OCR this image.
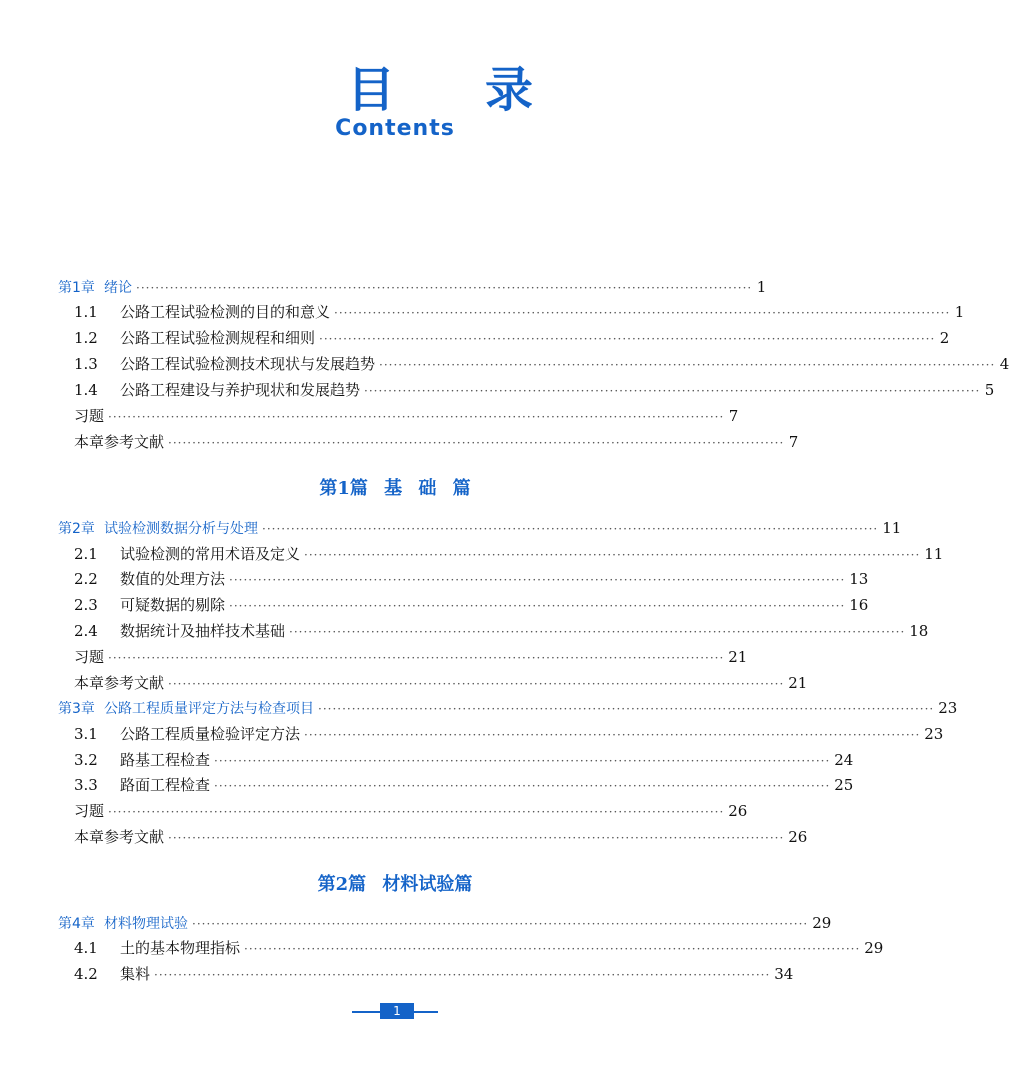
目录
Contents
第1章 绪论 ································································································································ 1
1.1 公路工程试验检测的目的和意义 ································································································································ 1
1.2 公路工程试验检测规程和细则 ································································································································ 2
1.3 公路工程试验检测技术现状与发展趋势 ································································································································ 4
1.4 公路工程建设与养护现状和发展趋势 ································································································································ 5
习题 ································································································································ 7
本章参考文献 ································································································································ 7
第1篇 基 础 篇
第2章 试验检测数据分析与处理 ································································································································ 11
2.1 试验检测的常用术语及定义 ································································································································ 11
2.2 数值的处理方法 ································································································································ 13
2.3 可疑数据的剔除 ································································································································ 16
2.4 数据统计及抽样技术基础 ································································································································ 18
习题 ································································································································ 21
本章参考文献 ································································································································ 21
第3章 公路工程质量评定方法与检查项目 ································································································································ 23
3.1 公路工程质量检验评定方法 ································································································································ 23
3.2 路基工程检查 ································································································································ 24
3.3 路面工程检查 ································································································································ 25
习题 ································································································································ 26
本章参考文献 ································································································································ 26
第2篇 材料试验篇
第4章 材料物理试验 ································································································································ 29
4.1 土的基本物理指标 ································································································································ 29
4.2 集料 ································································································································ 34
1
